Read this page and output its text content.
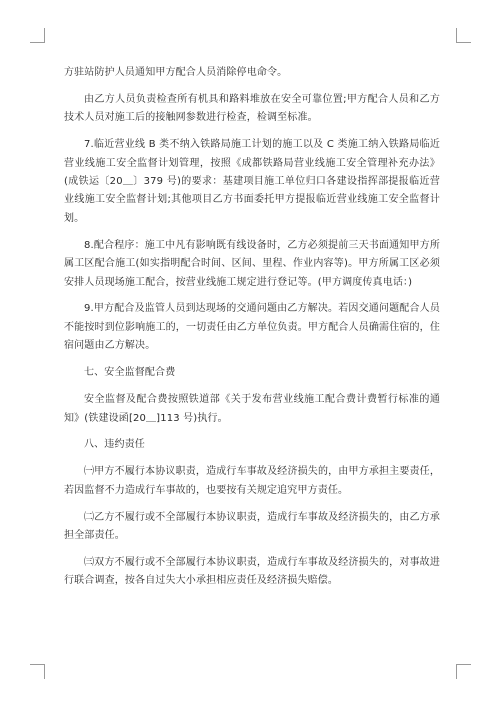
方驻站防护人员通知甲方配合人员消除停电命令。

由乙方人员负责检查所有机具和路料堆放在安全可靠位置;甲方配合人员和乙方技术人员对施工后的接触网参数进行检查，检调至标准。

7.临近营业线 B 类不纳入铁路局施工计划的施工以及 C 类施工纳入铁路局临近营业线施工安全监督计划管理，按照《成都铁路局营业线施工安全管理补充办法》(成铁运〔20＿〕379 号)的要求：基建项目施工单位归口各建设指挥部提报临近营业线施工安全监督计划;其他项目乙方书面委托甲方提报临近营业线施工安全监督计划。

8.配合程序：施工中凡有影响既有线设备时，乙方必须提前三天书面通知甲方所属工区配合施工(如实指明配合时间、区间、里程、作业内容等)。甲方所属工区必须安排人员现场施工配合，按营业线施工规定进行登记等。(甲方调度传真电话：)

9.甲方配合及监管人员到达现场的交通问题由乙方解决。若因交通问题配合人员不能按时到位影响施工的，一切责任由乙方单位负责。甲方配合人员确需住宿的，住宿问题由乙方解决。

七、安全监督配合费

安全监督及配合费按照铁道部《关于发布营业线施工配合费计费暂行标准的通知》(铁建设函[20＿]113 号)执行。

八、违约责任

㈠甲方不履行本协议职责，造成行车事故及经济损失的，由甲方承担主要责任，若因监督不力造成行车事故的，也要按有关规定追究甲方责任。

㈡乙方不履行或不全部履行本协议职责，造成行车事故及经济损失的，由乙方承担全部责任。

㈢双方不履行或不全部履行本协议职责，造成行车事故及经济损失的，对事故进行联合调查，按各自过失大小承担相应责任及经济损失赔偿。
